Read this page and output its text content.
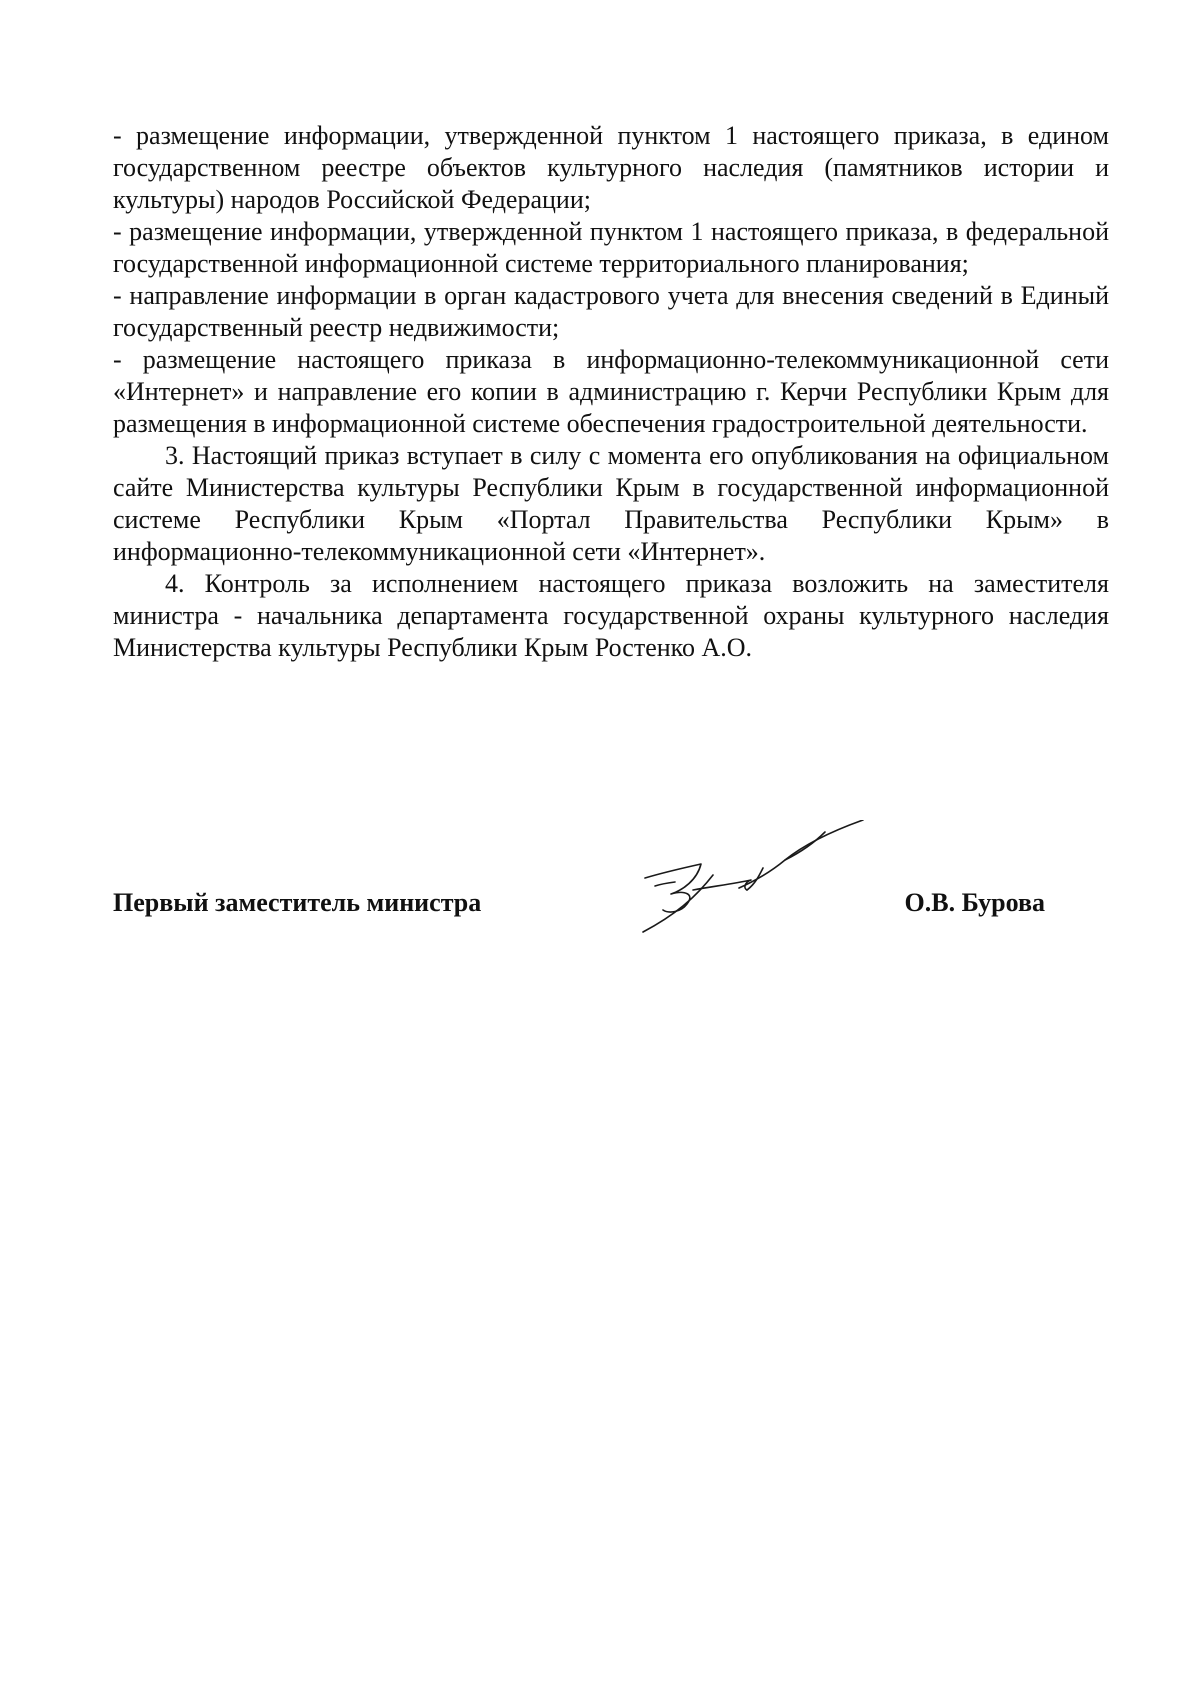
- размещение информации, утвержденной пунктом 1 настоящего приказа, в едином государственном реестре объектов культурного наследия (памятников истории и культуры) народов Российской Федерации;

- размещение информации, утвержденной пунктом 1 настоящего приказа, в федеральной государственной информационной системе территориального планирования;

- направление информации в орган кадастрового учета для внесения сведений в Единый государственный реестр недвижимости;

- размещение настоящего приказа в информационно-телекоммуникационной сети «Интернет» и направление его копии в администрацию г. Керчи Республики Крым для размещения в информационной системе обеспечения градостроительной деятельности.

3. Настоящий приказ вступает в силу с момента его опубликования на официальном сайте Министерства культуры Республики Крым в государственной информационной системе Республики Крым «Портал Правительства Республики Крым» в информационно-телекоммуникационной сети «Интернет».

4. Контроль за исполнением настоящего приказа возложить на заместителя министра - начальника департамента государственной охраны культурного наследия Министерства культуры Республики Крым Ростенко А.О.

Первый заместитель министра	О.В. Бурова
